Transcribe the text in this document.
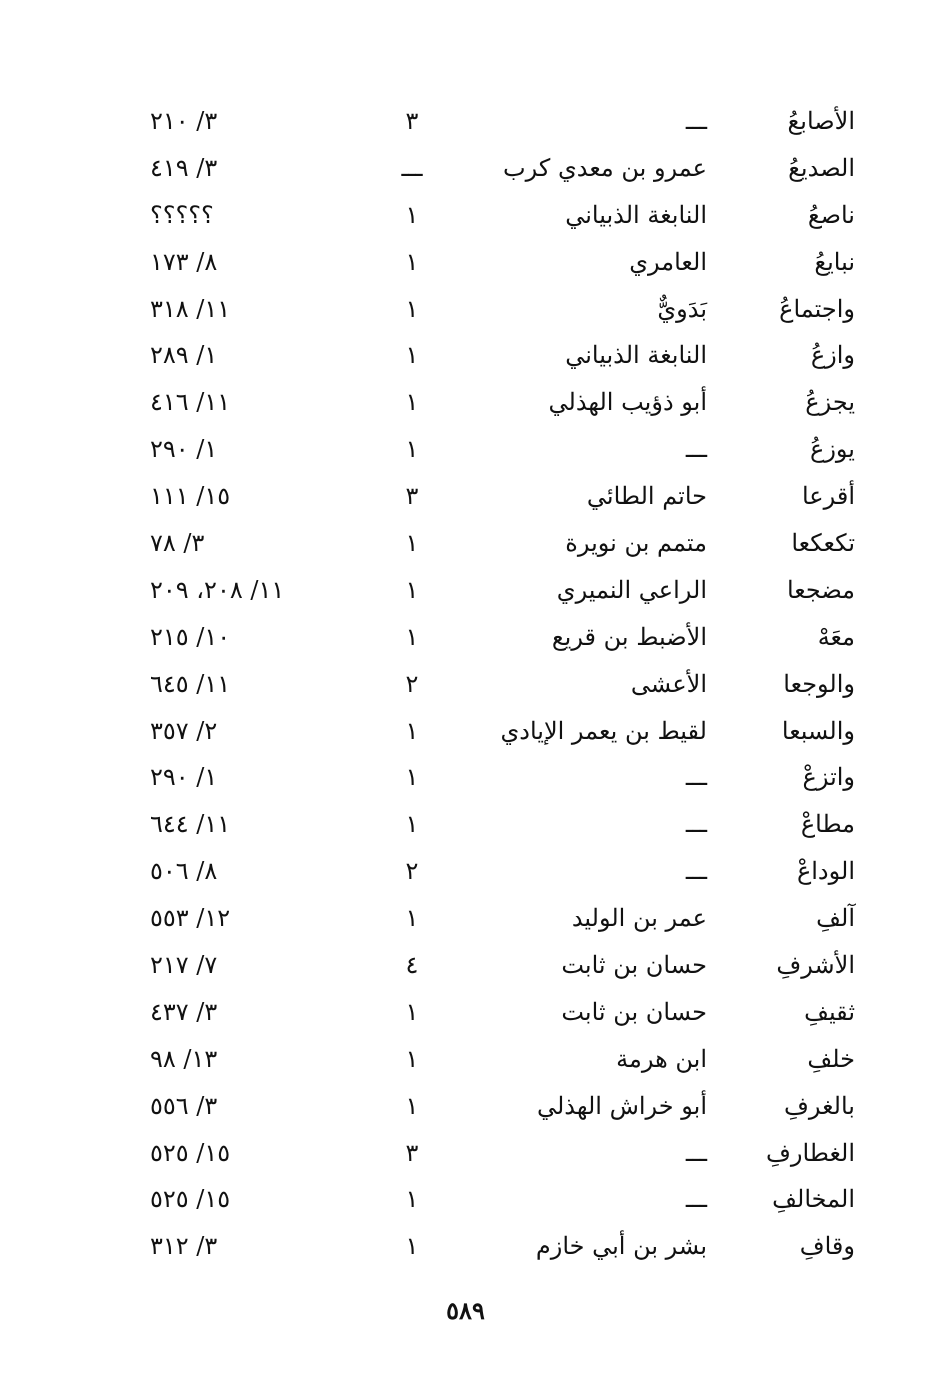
الأصابعُ
ـــ
٣
٣/ ٢١٠
الصديعُ
عمرو بن معدي كرب
ـــ
٣/ ٤١٩
ناصعُ
النابغة الذبياني
١
؟؟؟؟؟
نبايعُ
العامري
١
٨/ ١٧٣
واجتماعُ
بَدَويٌّ
١
١١/ ٣١٨
وازعُ
النابغة الذبياني
١
١/ ٢٨٩
يجزعُ
أبو ذؤيب الهذلي
١
١١/ ٤١٦
يوزعُ
ـــ
١
١/ ٢٩٠
أقرعا
حاتم الطائي
٣
١٥/ ١١١
تكعكعا
متمم بن نويرة
١
٣/ ٧٨
مضجعا
الراعي النميري
١
١١/ ٢٠٨، ٢٠٩
معَهْ
الأضبط بن قريع
١
١٠/ ٢١٥
والوجعا
الأعشى
٢
١١/ ٦٤٥
والسبعا
لقيط بن يعمر الإيادي
١
٢/ ٣٥٧
واتزعْ
ـــ
١
١/ ٢٩٠
مطاعْ
ـــ
١
١١/ ٦٤٤
الوداعْ
ـــ
٢
٨/ ٥٠٦
آلفِ
عمر بن الوليد
١
١٢/ ٥٥٣
الأشرفِ
حسان بن ثابت
٤
٧/ ٢١٧
ثقيفِ
حسان بن ثابت
١
٣/ ٤٣٧
خلفِ
ابن هرمة
١
١٣/ ٩٨
بالغرفِ
أبو خراش الهذلي
١
٣/ ٥٥٦
الغطارفِ
ـــ
٣
١٥/ ٥٢٥
المخالفِ
ـــ
١
١٥/ ٥٢٥
وقافِ
بشر بن أبي خازم
١
٣/ ٣١٢
٥٨٩
